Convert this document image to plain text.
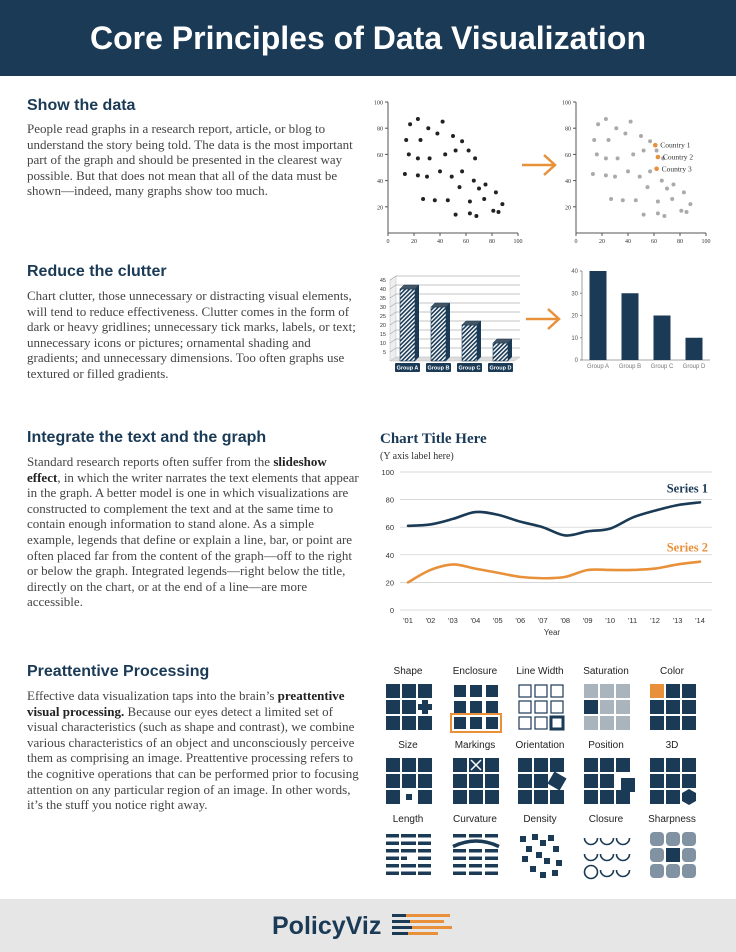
Core Principles of Data Visualization
Show the data

People read graphs in a research report, article, or blog to understand the story being told. The data is the most important part of the graph and should be presented in the clearest way possible. But that does not mean that all of the data must be shown—indeed, many graphs show too much.

20
40
60
80
100
0	20	40	60	80	100
20
40
60
80
100
0	20	40	60	80	100
Country 1
Country 2
Country 3
Reduce the clutter

Chart clutter, those unnecessary or distracting visual elements, will tend to reduce effectiveness. Clutter comes in the form of dark or heavy gridlines; unnecessary tick marks, labels, or text; unnecessary icons or pictures; ornamental shading and gradients; and unnecessary dimensions. Too often graphs use textured or filled gradients.

5
10
15
20
25
30
35
40
45
Group A Group B Group C Group D
0
10
20
30
40
Group A Group B Group C Group D
Integrate the text and the graph

Standard research reports often suffer from the slideshow effect, in which the writer narrates the text elements that appear in the graph. A better model is one in which visualizations are constructed to complement the text and at the same time to contain enough information to stand alone. As a simple example, legends that define or explain a line, bar, or point are often placed far from the content of the graph—off to the right or below the graph. Integrated legends—right below the title, directly on the chart, or at the end of a line—are more accessible.

Chart Title Here
(Y axis label here)
0
20
40
60
80
100
'01 '02 '03 '04 '05 '06 '07 '08 '09 '10 '11 '12 '13 '14
Year
Series 1
Series 2
Preattentive Processing

Effective data visualization taps into the brain’s preattentive visual processing. Because our eyes detect a limited set of visual characteristics (such as shape and contrast), we combine various characteristics of an object and unconsciously perceive them as comprising an image. Preattentive processing refers to the cognitive operations that can be performed prior to focusing attention on any particular region of an image. In other words, it’s the stuff you notice right away.

Shape	Enclosure Line Width Saturation	Color
Size	Markings Orientation Position	3D
Length	Curvature	Density	Closure Sharpness
PolicyViz
